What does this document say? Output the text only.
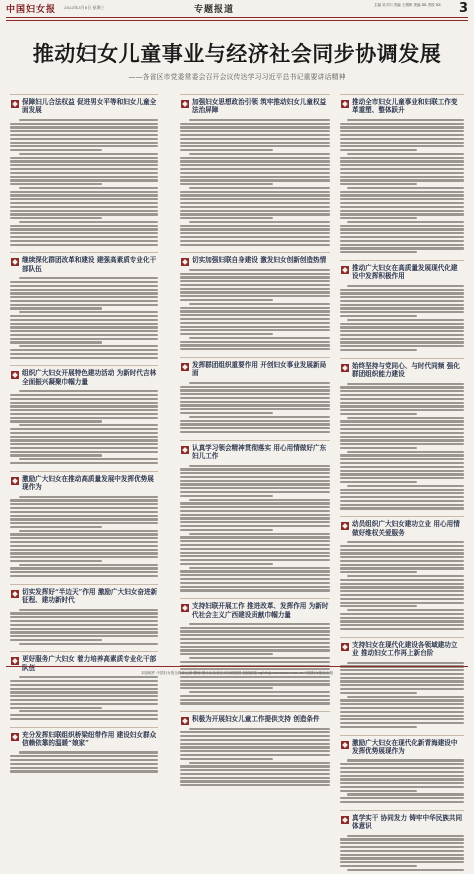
中国妇女报 2023年3月8日 星期三	专题报道	主编 吴平川 责编 王增妍 美编 XX 责校 XX	3
推动妇女儿童事业与经济社会同步协调发展
——各省区市党委常委会召开会议传达学习习近平总书记重要讲话精神
保障妇儿合法权益 促进男女平等和妇女儿童全面发展
继续深化群团改革和建设 建强高素质专业化干部队伍
组织广大妇女开展特色建功活动 为新时代吉林全面振兴凝聚巾帼力量
激励广大妇女在推动高质量发展中发挥优势展现作为
切实发挥好“半边天”作用 激励广大妇女奋进新征程、建功新时代
更好服务广大妇女 着力培养高素质专业化干部队伍
充分发挥妇联组织桥梁纽带作用 建设妇女群众信赖依靠的温暖“娘家”
加强妇女思想政治引领 筑牢推动妇女儿童权益法治屏障
切实加强妇联自身建设 激发妇女创新创造热情
发挥群团组织重要作用 开创妇女事业发展新局面
认真学习领会精神贯彻落实 用心用情做好广东妇儿工作
支持妇联开展工作 推进改革、发挥作用 为新时代社会主义广西建设贡献巾帼力量
积极为开展妇女儿童工作提供支持 创造条件
推动全市妇女儿童事业和妇联工作变革重塑、整体跃升
推动广大妇女在高质量发展现代化建设中发挥积极作用
始终坚持与党同心、与时代同频 强化群团组织能力建设
动员组织广大妇女建功立业 用心用情做好维权关爱服务
支持妇女在现代化建设各领域建功立业 推动妇女工作再上新台阶
激励广大妇女在现代化新青海建设中发挥优势展现作为
真学实干 协同发力 铸牢中华民族共同体意识
本版稿件 中国妇女报全媒体记者 整理 图片由各省区市妇联提供 投稿邮箱 zgfnb@cnwomen.com.cn 中国妇女报社出版
